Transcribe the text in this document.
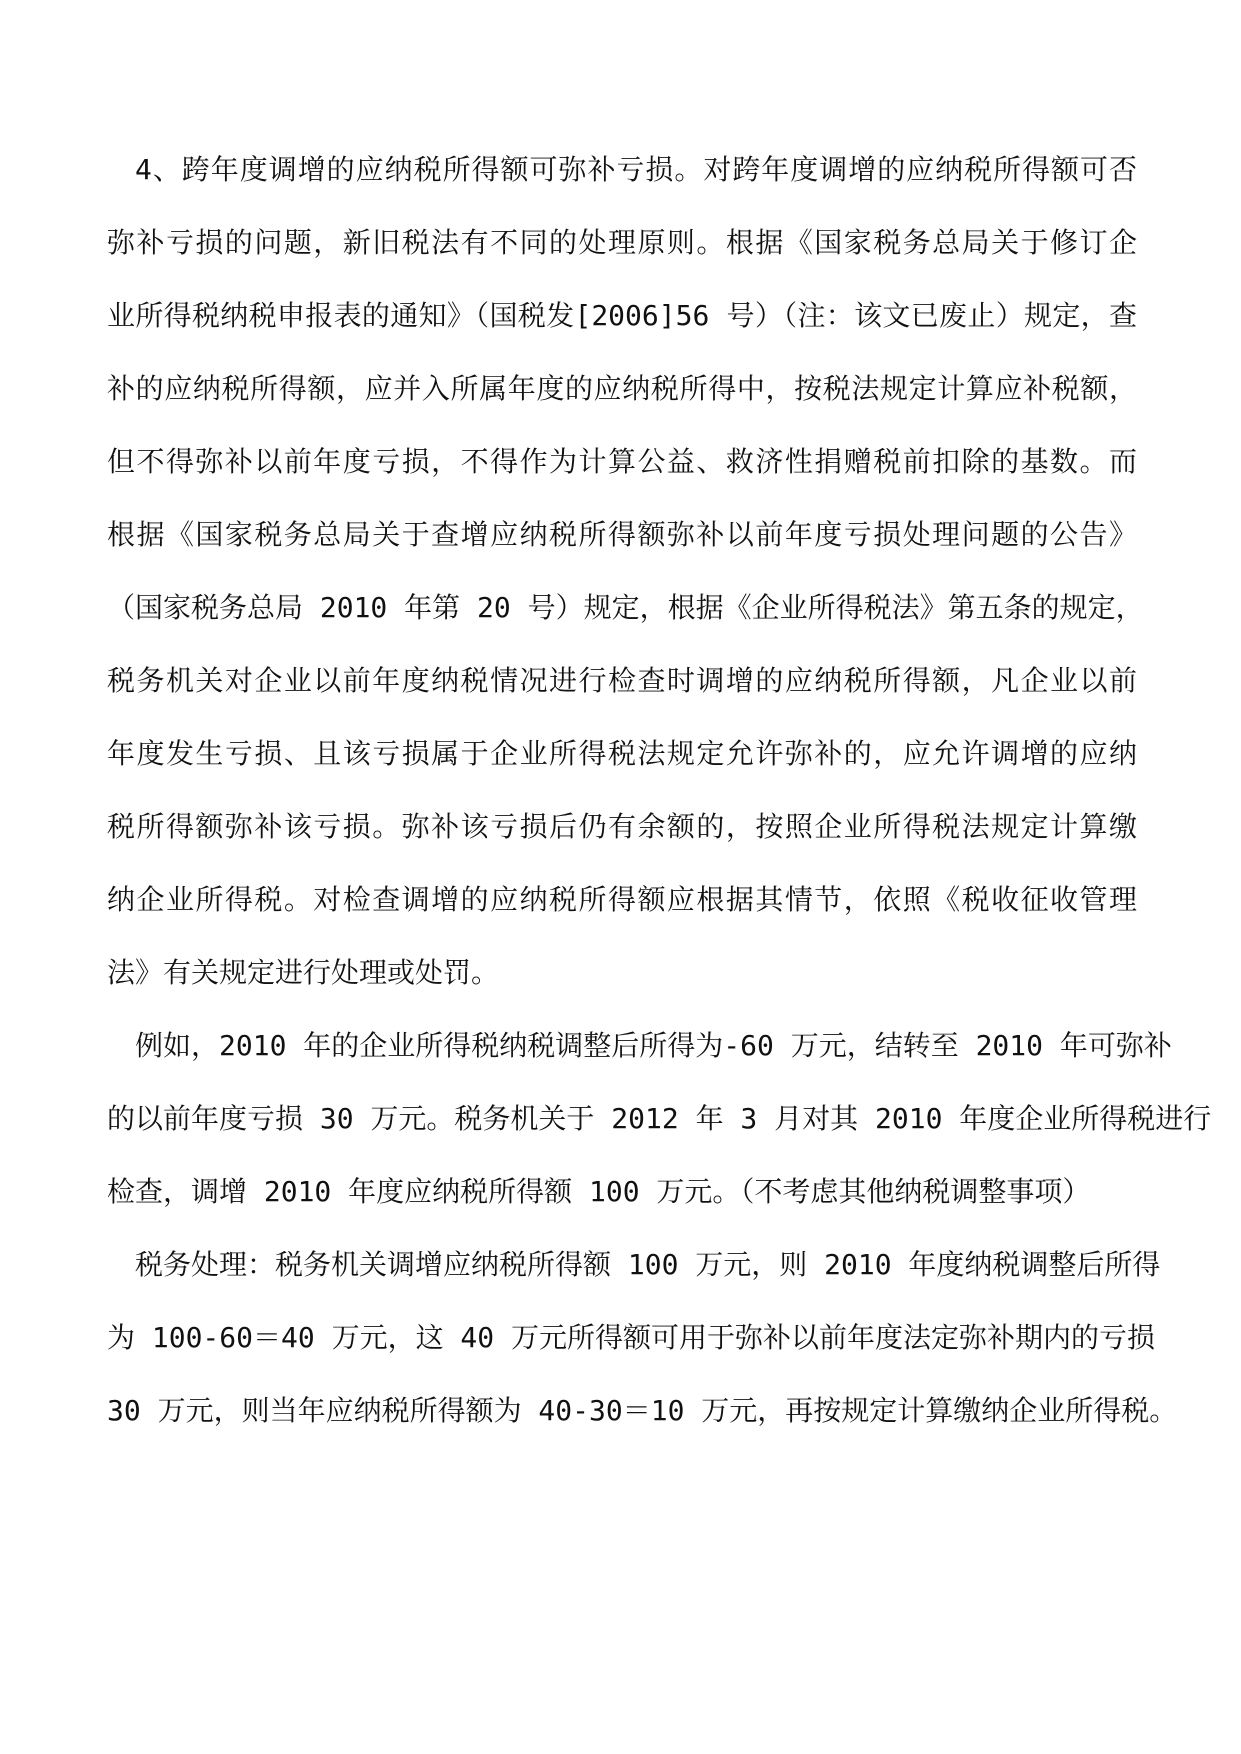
4、跨年度调增的应纳税所得额可弥补亏损。对跨年度调增的应纳税所得额可否
弥补亏损的问题，新旧税法有不同的处理原则。根据《国家税务总局关于修订企
业所得税纳税申报表的通知》（国税发[2006]56 号）（注：该文已废止）规定，查
补的应纳税所得额，应并入所属年度的应纳税所得中，按税法规定计算应补税额，
但不得弥补以前年度亏损，不得作为计算公益、救济性捐赠税前扣除的基数。而
根据《国家税务总局关于查增应纳税所得额弥补以前年度亏损处理问题的公告》
（国家税务总局 2010 年第 20 号）规定，根据《企业所得税法》第五条的规定，
税务机关对企业以前年度纳税情况进行检查时调增的应纳税所得额，凡企业以前
年度发生亏损、且该亏损属于企业所得税法规定允许弥补的，应允许调增的应纳
税所得额弥补该亏损。弥补该亏损后仍有余额的，按照企业所得税法规定计算缴
纳企业所得税。对检查调增的应纳税所得额应根据其情节，依照《税收征收管理
法》有关规定进行处理或处罚。
例如，2010 年的企业所得税纳税调整后所得为-60 万元，结转至 2010 年可弥补
的以前年度亏损 30 万元。税务机关于 2012 年 3 月对其 2010 年度企业所得税进行
检查，调增 2010 年度应纳税所得额 100 万元。（不考虑其他纳税调整事项）
税务处理：税务机关调增应纳税所得额 100 万元，则 2010 年度纳税调整后所得
为 100-60＝40 万元，这 40 万元所得额可用于弥补以前年度法定弥补期内的亏损
30 万元，则当年应纳税所得额为 40-30＝10 万元，再按规定计算缴纳企业所得税。
